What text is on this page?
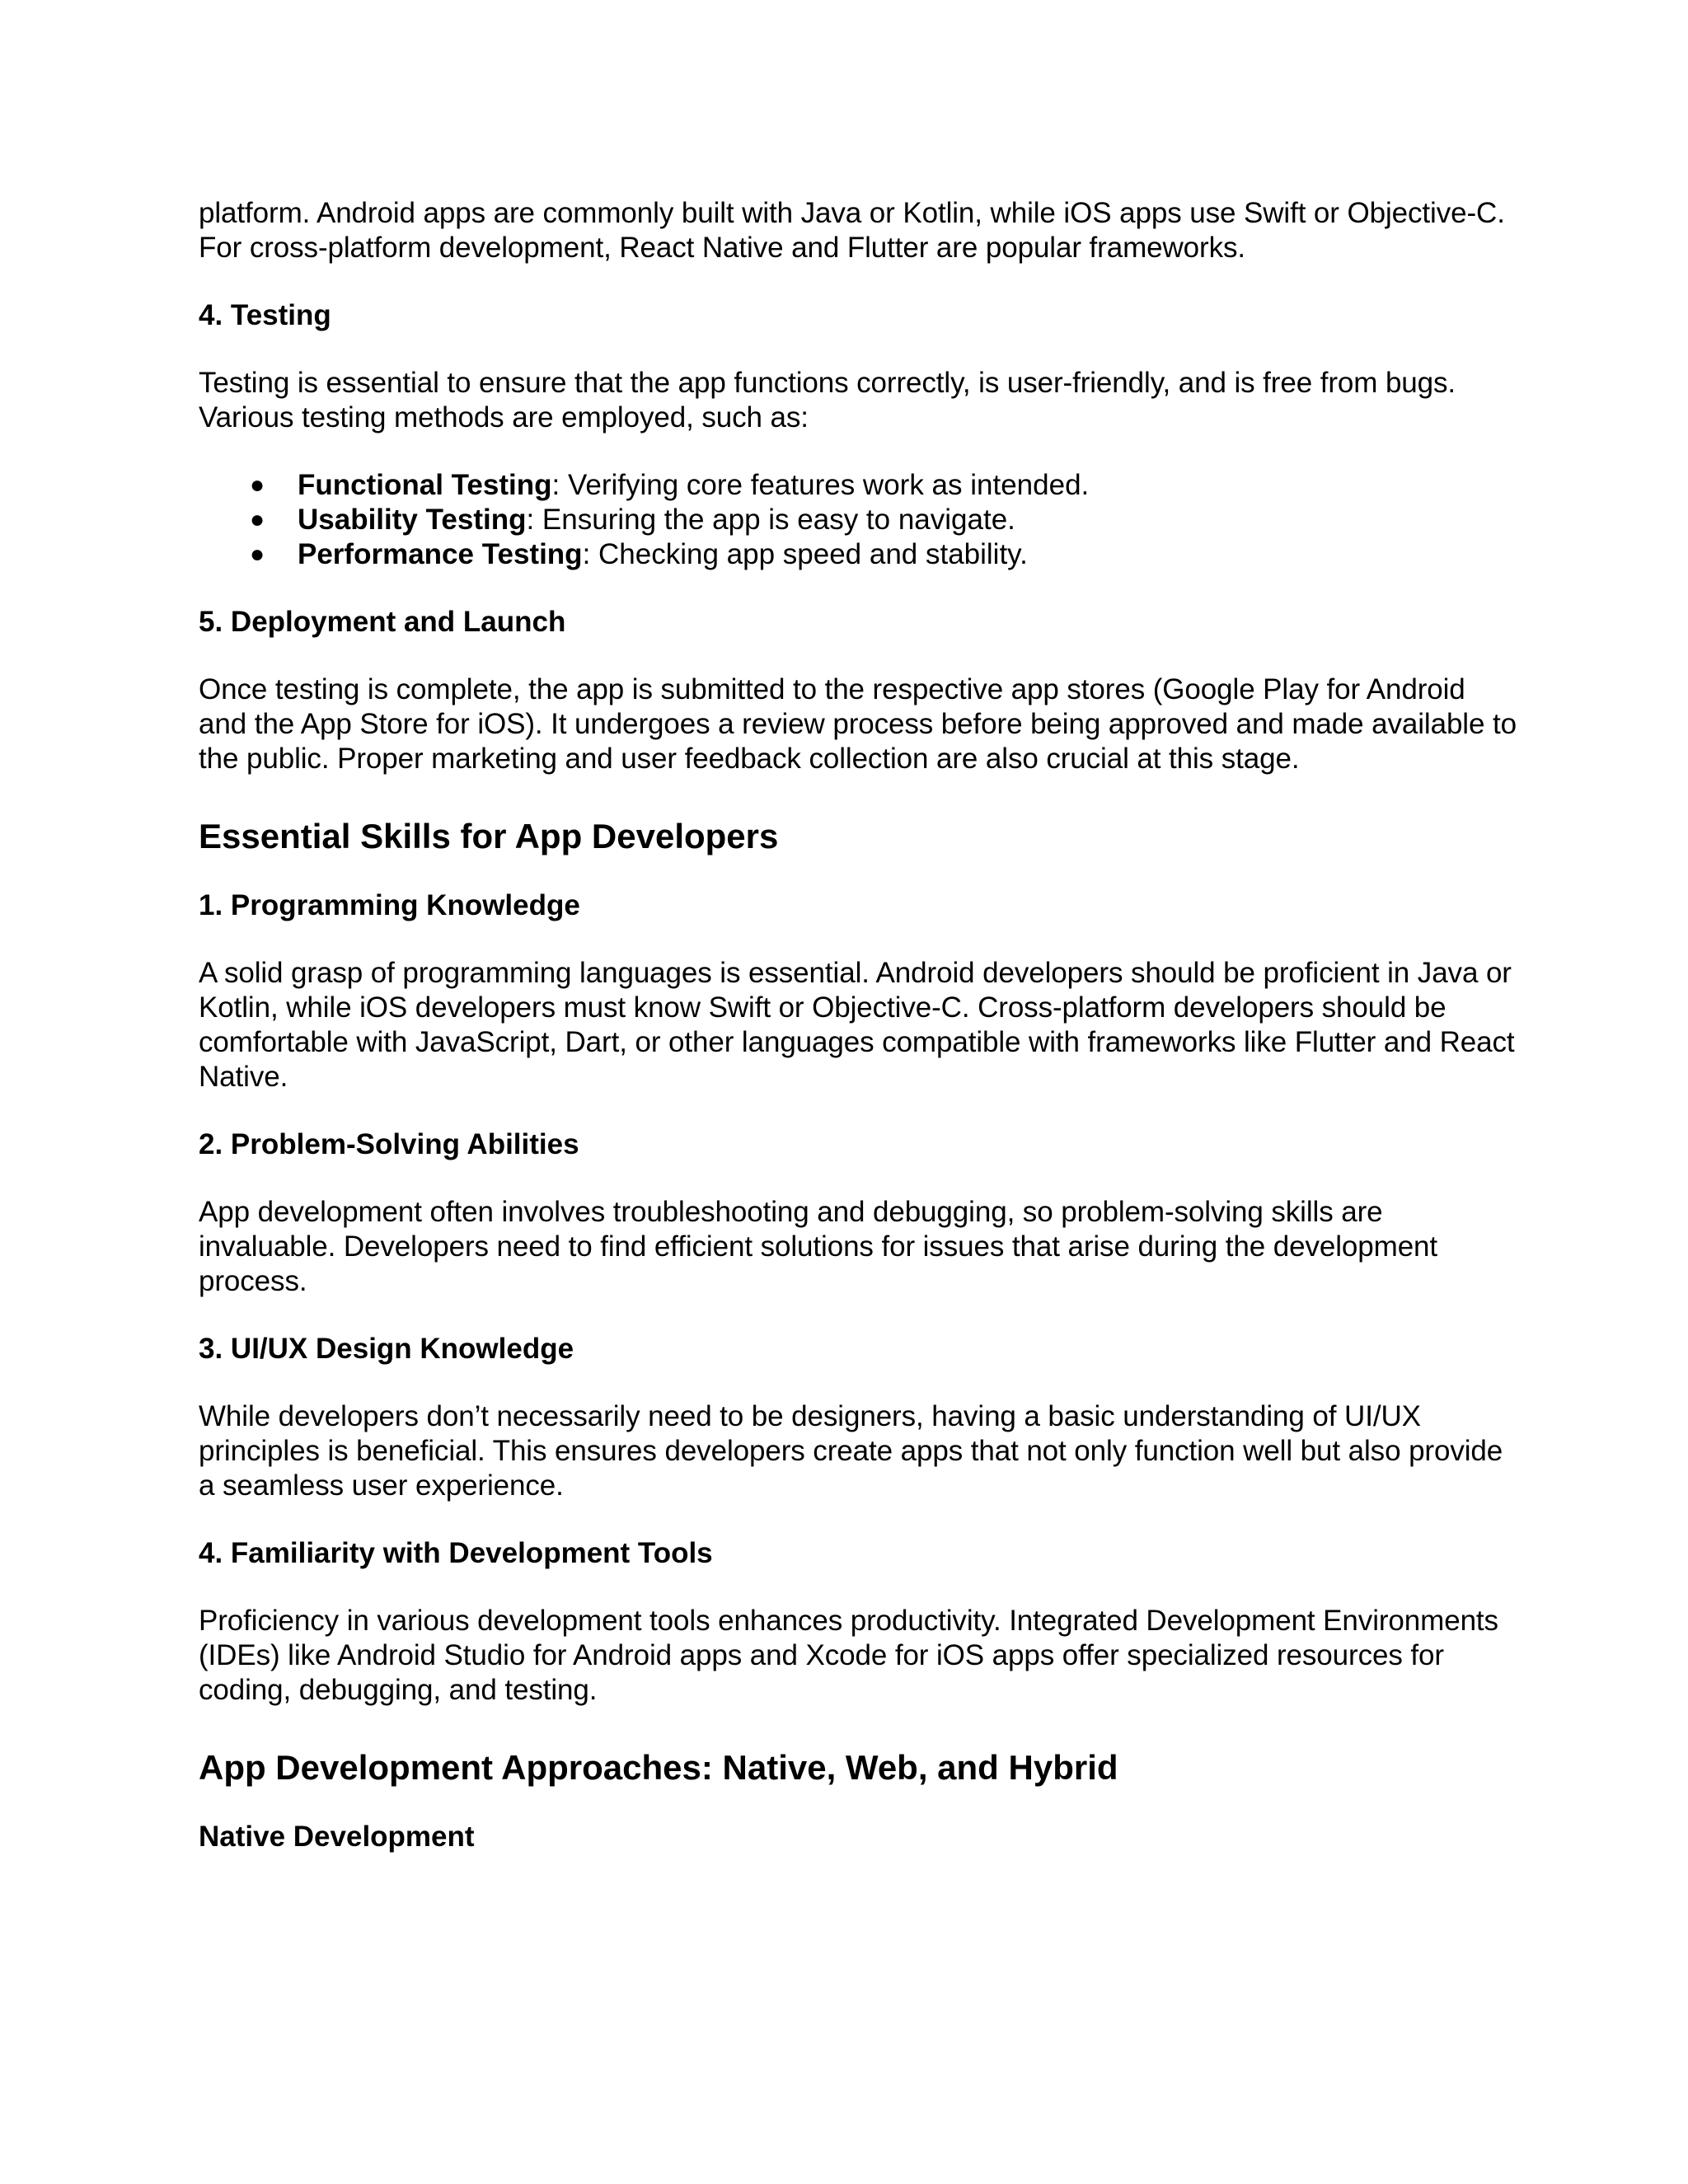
platform. Android apps are commonly built with Java or Kotlin, while iOS apps use Swift or Objective-C. For cross-platform development, React Native and Flutter are popular frameworks.

4. Testing

Testing is essential to ensure that the app functions correctly, is user-friendly, and is free from bugs. Various testing methods are employed, such as:

● Functional Testing: Verifying core features work as intended.
● Usability Testing: Ensuring the app is easy to navigate.
● Performance Testing: Checking app speed and stability.
5. Deployment and Launch

Once testing is complete, the app is submitted to the respective app stores (Google Play for Android and the App Store for iOS). It undergoes a review process before being approved and made available to the public. Proper marketing and user feedback collection are also crucial at this stage.

Essential Skills for App Developers
1. Programming Knowledge

A solid grasp of programming languages is essential. Android developers should be proficient in Java or Kotlin, while iOS developers must know Swift or Objective-C. Cross-platform developers should be comfortable with JavaScript, Dart, or other languages compatible with frameworks like Flutter and React Native.

2. Problem-Solving Abilities

App development often involves troubleshooting and debugging, so problem-solving skills are invaluable. Developers need to find efficient solutions for issues that arise during the development process.

3. UI/UX Design Knowledge

While developers don’t necessarily need to be designers, having a basic understanding of UI/UX principles is beneficial. This ensures developers create apps that not only function well but also provide a seamless user experience.

4. Familiarity with Development Tools

Proficiency in various development tools enhances productivity. Integrated Development Environments (IDEs) like Android Studio for Android apps and Xcode for iOS apps offer specialized resources for coding, debugging, and testing.

App Development Approaches: Native, Web, and Hybrid
Native Development
